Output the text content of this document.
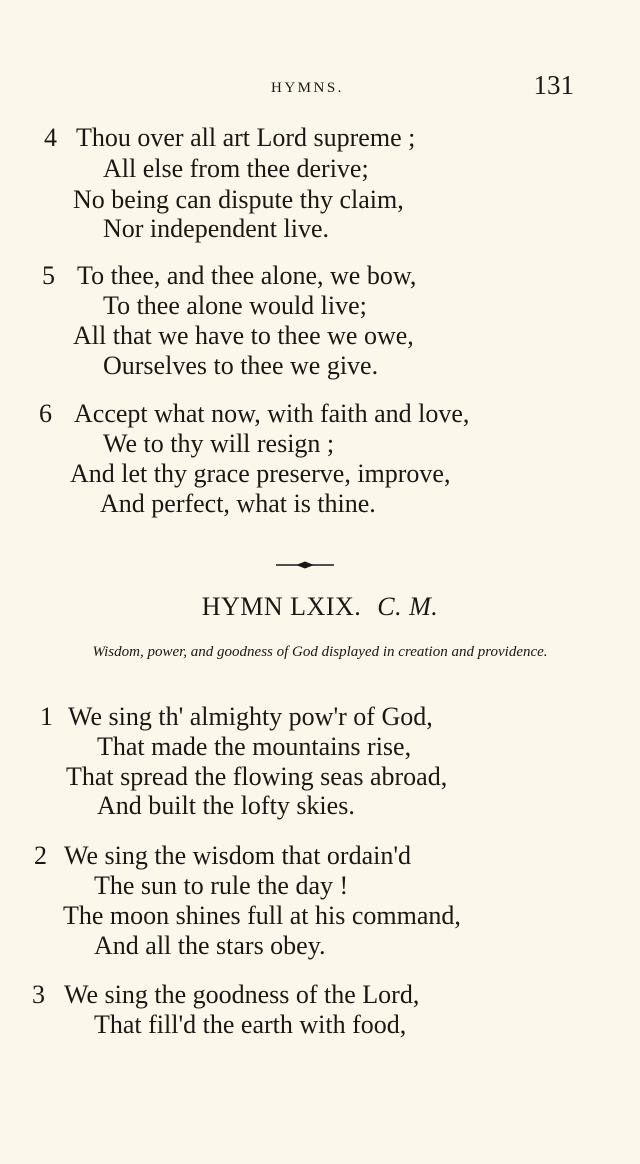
HYMNS.	131
4 Thou over all art Lord supreme ;
All else from thee derive;
No being can dispute thy claim,
Nor independent live.
5 To thee, and thee alone, we bow,
To thee alone would live;
All that we have to thee we owe,
Ourselves to thee we give.
6 Accept what now, with faith and love,
We to thy will resign ;
And let thy grace preserve, improve,
And perfect, what is thine.
HYMN LXIX. C. M.
Wisdom, power, and goodness of God displayed in creation and providence.
1 We sing th' almighty pow'r of God,
That made the mountains rise,
That spread the flowing seas abroad,
And built the lofty skies.
2 We sing the wisdom that ordain'd
The sun to rule the day !
The moon shines full at his command,
And all the stars obey.
3 We sing the goodness of the Lord,
That fill'd the earth with food,
